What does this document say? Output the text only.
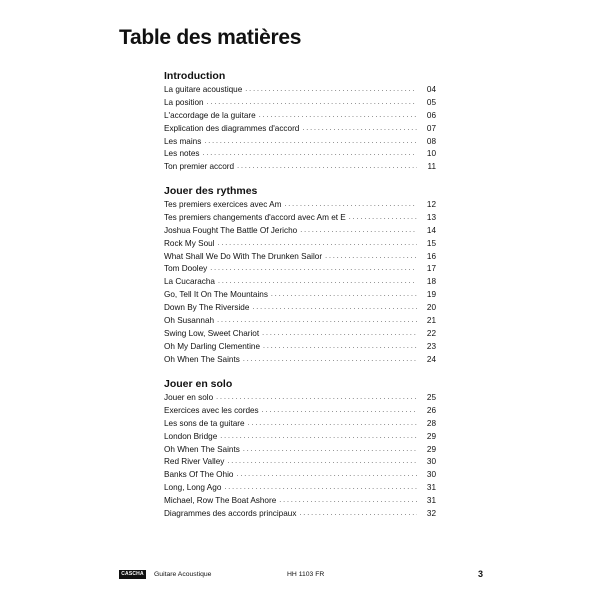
Table des matières
Introduction
La guitare acoustique . . .	04
La position . . .	05
L'accordage de la guitare . . .	06
Explication des diagrammes d'accord . . .	07
Les mains . . .	08
Les notes . . .	10
Ton premier accord . . .	11
Jouer des rythmes
Tes premiers exercices avec Am . . .	12
Tes premiers changements d'accord avec Am et E . . .	13
Joshua Fought The Battle Of Jericho . . .	14
Rock My Soul . . .	15
What Shall We Do With The Drunken Sailor . . .	16
Tom Dooley . . .	17
La Cucaracha . . .	18
Go, Tell It On The Mountains . . .	19
Down By The Riverside . . .	20
Oh Susannah . . .	21
Swing Low, Sweet Chariot . . .	22
Oh My Darling Clementine . . .	23
Oh When The Saints . . .	24
Jouer en solo
Jouer en solo . . .	25
Exercices avec les cordes . . .	26
Les sons de ta guitare . . .	28
London Bridge . . .	29
Oh When The Saints . . .	29
Red River Valley . . .	30
Banks Of The Ohio . . .	30
Long, Long Ago . . .	31
Michael, Row The Boat Ashore . . .	31
Diagrammes des accords principaux . . .	32
CASCHA	Guitare Acoustique	HH 1103 FR	3
